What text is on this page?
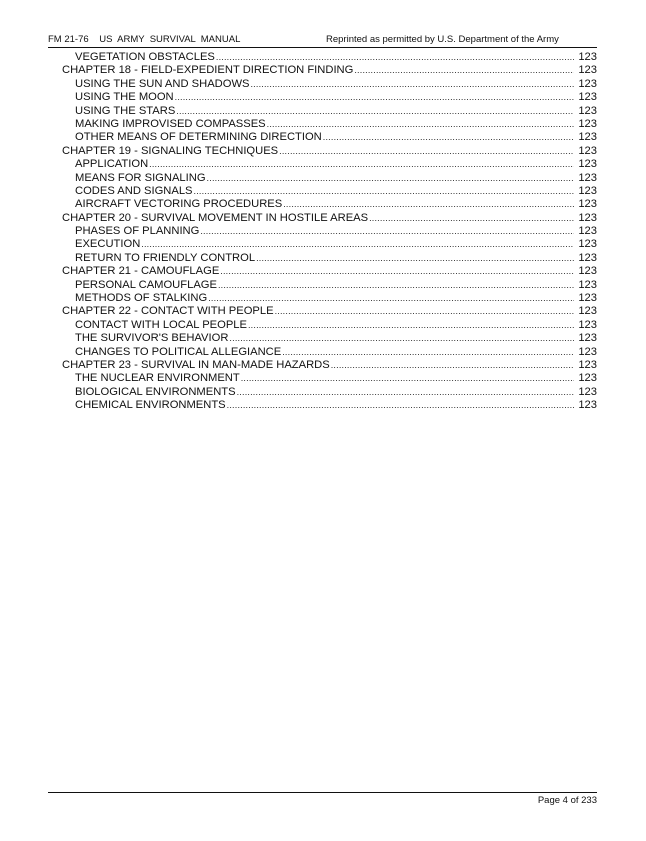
FM 21-76    US  ARMY  SURVIVAL  MANUAL	Reprinted as permitted by U.S. Department of the Army
VEGETATION OBSTACLES .....	123
CHAPTER 18 - FIELD-EXPEDIENT DIRECTION FINDING .....	123
USING THE SUN AND SHADOWS .....	123
USING THE MOON .....	123
USING THE STARS .....	123
MAKING IMPROVISED COMPASSES .....	123
OTHER MEANS OF DETERMINING DIRECTION .....	123
CHAPTER 19 - SIGNALING TECHNIQUES .....	123
APPLICATION .....	123
MEANS FOR SIGNALING .....	123
CODES AND SIGNALS .....	123
AIRCRAFT VECTORING PROCEDURES .....	123
CHAPTER 20 - SURVIVAL MOVEMENT IN HOSTILE AREAS .....	123
PHASES OF PLANNING .....	123
EXECUTION .....	123
RETURN TO FRIENDLY CONTROL .....	123
CHAPTER 21 - CAMOUFLAGE .....	123
PERSONAL CAMOUFLAGE .....	123
METHODS OF STALKING .....	123
CHAPTER 22 - CONTACT WITH PEOPLE .....	123
CONTACT WITH LOCAL PEOPLE .....	123
THE SURVIVOR'S BEHAVIOR .....	123
CHANGES TO POLITICAL ALLEGIANCE .....	123
CHAPTER 23 - SURVIVAL IN MAN-MADE HAZARDS .....	123
THE NUCLEAR ENVIRONMENT .....	123
BIOLOGICAL ENVIRONMENTS .....	123
CHEMICAL ENVIRONMENTS .....	123
Page 4 of 233
